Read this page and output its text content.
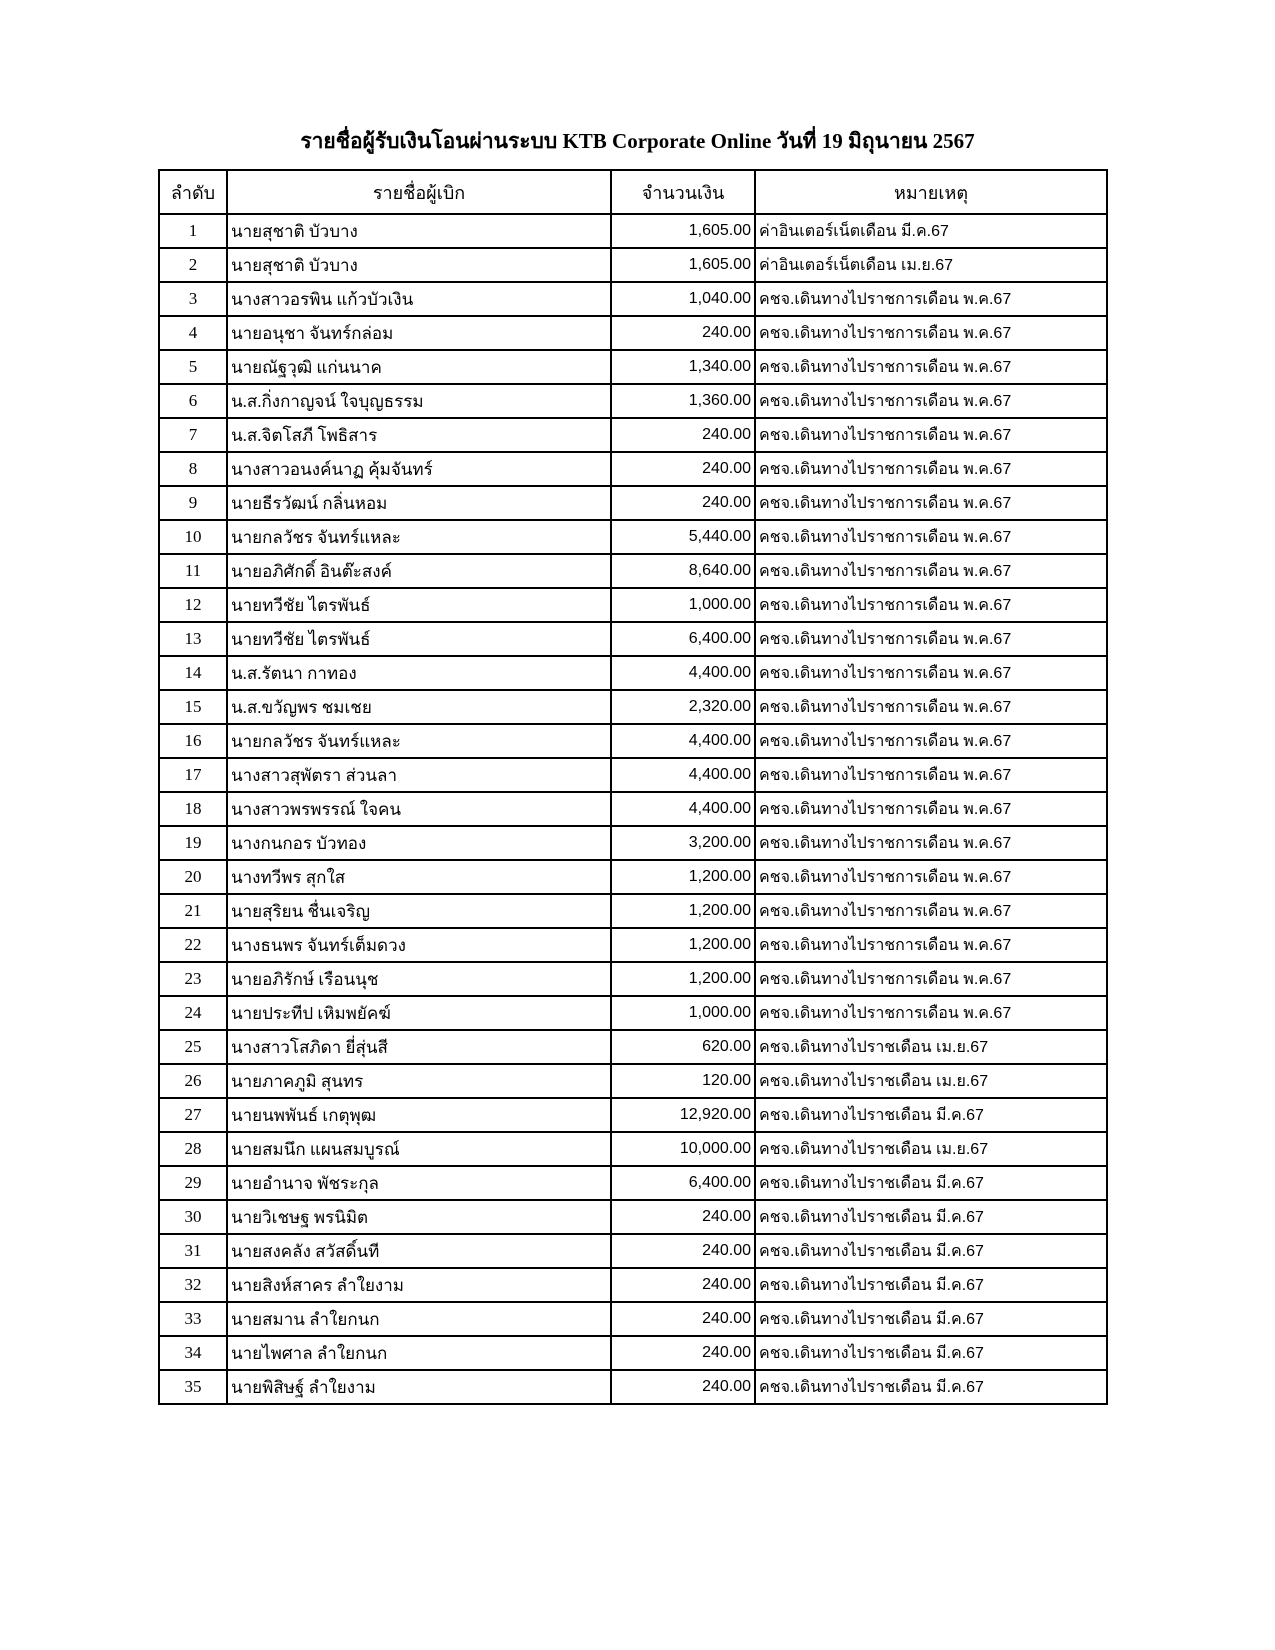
รายชื่อผู้รับเงินโอนผ่านระบบ KTB Corporate Online วันที่ 19 มิถุนายน 2567
ลำดับ	รายชื่อผู้เบิก	จำนวนเงิน	หมายเหตุ
1	นายสุชาติ บัวบาง	1,605.00	ค่าอินเตอร์เน็ตเดือน มี.ค.67
2	นายสุชาติ บัวบาง	1,605.00	ค่าอินเตอร์เน็ตเดือน เม.ย.67
3	นางสาวอรพิน แก้วบัวเงิน	1,040.00	คชจ.เดินทางไปราชการเดือน พ.ค.67
4	นายอนุชา จันทร์กล่อม	240.00	คชจ.เดินทางไปราชการเดือน พ.ค.67
5	นายณัฐวุฒิ แก่นนาค	1,340.00	คชจ.เดินทางไปราชการเดือน พ.ค.67
6	น.ส.กิ่งกาญจน์ ใจบุญธรรม	1,360.00	คชจ.เดินทางไปราชการเดือน พ.ค.67
7	น.ส.จิตโสภี โพธิสาร	240.00	คชจ.เดินทางไปราชการเดือน พ.ค.67
8	นางสาวอนงค์นาฏ คุ้มจันทร์	240.00	คชจ.เดินทางไปราชการเดือน พ.ค.67
9	นายธีรวัฒน์ กลิ่นหอม	240.00	คชจ.เดินทางไปราชการเดือน พ.ค.67
10	นายกลวัชร จันทร์แหละ	5,440.00	คชจ.เดินทางไปราชการเดือน พ.ค.67
11	นายอภิศักดิ์ อินต๊ะสงค์	8,640.00	คชจ.เดินทางไปราชการเดือน พ.ค.67
12	นายทวีชัย ไตรพันธ์	1,000.00	คชจ.เดินทางไปราชการเดือน พ.ค.67
13	นายทวีชัย ไตรพันธ์	6,400.00	คชจ.เดินทางไปราชการเดือน พ.ค.67
14	น.ส.รัตนา กาทอง	4,400.00	คชจ.เดินทางไปราชการเดือน พ.ค.67
15	น.ส.ขวัญพร ชมเชย	2,320.00	คชจ.เดินทางไปราชการเดือน พ.ค.67
16	นายกลวัชร จันทร์แหละ	4,400.00	คชจ.เดินทางไปราชการเดือน พ.ค.67
17	นางสาวสุพัตรา ส่วนลา	4,400.00	คชจ.เดินทางไปราชการเดือน พ.ค.67
18	นางสาวพรพรรณ์ ใจคน	4,400.00	คชจ.เดินทางไปราชการเดือน พ.ค.67
19	นางกนกอร บัวทอง	3,200.00	คชจ.เดินทางไปราชการเดือน พ.ค.67
20	นางทวีพร สุกใส	1,200.00	คชจ.เดินทางไปราชการเดือน พ.ค.67
21	นายสุริยน ชื่นเจริญ	1,200.00	คชจ.เดินทางไปราชการเดือน พ.ค.67
22	นางธนพร จันทร์เต็มดวง	1,200.00	คชจ.เดินทางไปราชการเดือน พ.ค.67
23	นายอภิรักษ์ เรือนนุช	1,200.00	คชจ.เดินทางไปราชการเดือน พ.ค.67
24	นายประทีป เหิมพยัคฆ์	1,000.00	คชจ.เดินทางไปราชการเดือน พ.ค.67
25	นางสาวโสภิดา ยี่สุ่นสี	620.00	คชจ.เดินทางไปราชเดือน เม.ย.67
26	นายภาคภูมิ สุนทร	120.00	คชจ.เดินทางไปราชเดือน เม.ย.67
27	นายนพพันธ์ เกตุพุฒ	12,920.00	คชจ.เดินทางไปราชเดือน มี.ค.67
28	นายสมนึก แผนสมบูรณ์	10,000.00	คชจ.เดินทางไปราชเดือน เม.ย.67
29	นายอำนาจ พัชระกุล	6,400.00	คชจ.เดินทางไปราชเดือน มี.ค.67
30	นายวิเชษฐ พรนิมิต	240.00	คชจ.เดินทางไปราชเดือน มี.ค.67
31	นายสงคลัง สวัสดิ์นที	240.00	คชจ.เดินทางไปราชเดือน มี.ค.67
32	นายสิงห์สาคร ลำใยงาม	240.00	คชจ.เดินทางไปราชเดือน มี.ค.67
33	นายสมาน ลำใยกนก	240.00	คชจ.เดินทางไปราชเดือน มี.ค.67
34	นายไพศาล ลำใยกนก	240.00	คชจ.เดินทางไปราชเดือน มี.ค.67
35	นายพิสิษฐ์ ลำใยงาม	240.00	คชจ.เดินทางไปราชเดือน มี.ค.67
